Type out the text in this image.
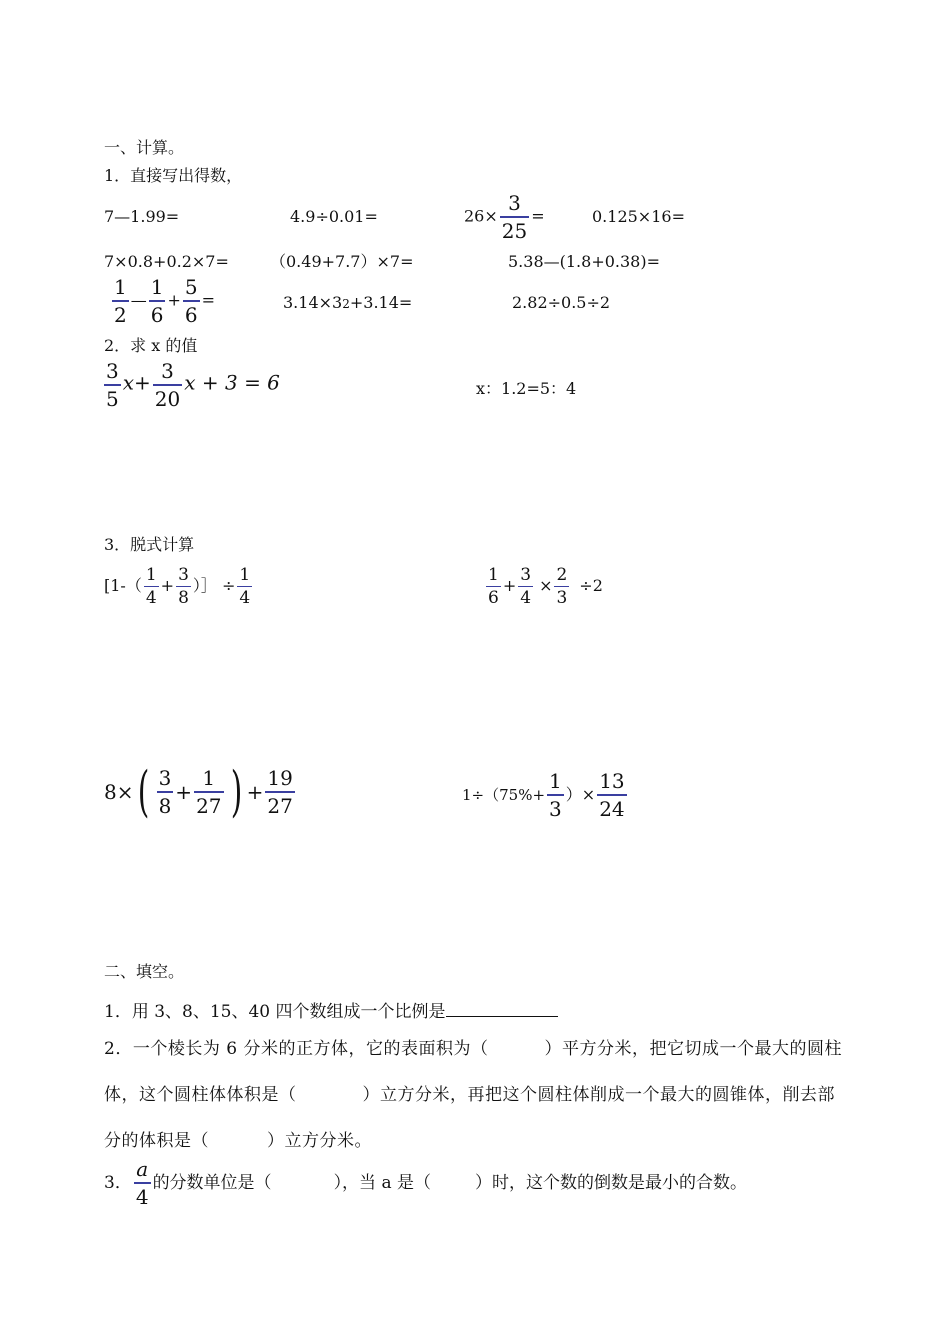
一、计算。
1．直接写出得数，
7—1.99=	4.9÷0.01=	$26\times \frac{3}{25}$ =	0.125×16=
7×0.8+0.2×7=	（0.49+7.7）×7=	5.38—(1.8+0.38)=
$\frac{1}{2}$ — $\frac{1}{6} + \frac{5}{6}$ =	3.14×32+3.14=	2.82÷0.5÷2
2．求 x 的值
$\frac{3}{5} x+ \frac{3}{20}$ x + 3 = 6	x：1.2=5：4
3．脱式计算
[$1-( \frac{1}{4} + \frac{3}{8}$ ）］ ÷ $\frac{1}{4}$	$\frac{1}{6} + \frac{3}{4} \times \frac{2}{3} \div 2$
$8\times( \frac{3}{8} + \frac{1}{27}$ ) + $\frac{19}{27}$	$1\div(75\%+ \frac{1}{3}$ ）× $\frac{13}{24}$
二、填空。
1．用 3、8、15、40 四个数组成一个比例是
2．一个棱长为 6 分米的正方体，它的表面积为（	）平方分米，把它切成一个最大的圆柱体，这个圆柱体体积是（	）立方分米，再把这个圆柱体削成一个最大的圆锥体，削去部分的体积是（	）立方分米。
3． $\frac{a}{4}$ 的分数单位是（	），当 a 是（	）时，这个数的倒数是最小的合数。
